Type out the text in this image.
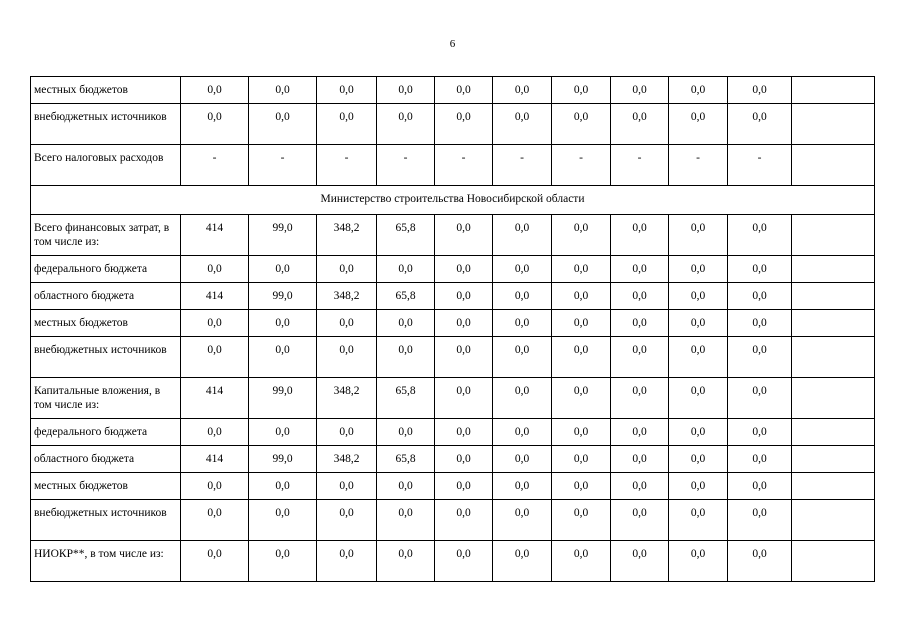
6
местных бюджетов	0,0	0,0	0,0	0,0	0,0	0,0	0,0	0,0	0,0	0,0	
внебюджетных источников	0,0	0,0	0,0	0,0	0,0	0,0	0,0	0,0	0,0	0,0	
Всего налоговых расходов	-	-	-	-	-	-	-	-	-	-	
Министерство строительства Новосибирской области											
Всего финансовых затрат, в том числе из:	414	99,0	348,2	65,8	0,0	0,0	0,0	0,0	0,0	0,0	
федерального бюджета	0,0	0,0	0,0	0,0	0,0	0,0	0,0	0,0	0,0	0,0	
областного бюджета	414	99,0	348,2	65,8	0,0	0,0	0,0	0,0	0,0	0,0	
местных бюджетов	0,0	0,0	0,0	0,0	0,0	0,0	0,0	0,0	0,0	0,0	
внебюджетных источников	0,0	0,0	0,0	0,0	0,0	0,0	0,0	0,0	0,0	0,0	
Капитальные вложения, в том числе из:	414	99,0	348,2	65,8	0,0	0,0	0,0	0,0	0,0	0,0	
федерального бюджета	0,0	0,0	0,0	0,0	0,0	0,0	0,0	0,0	0,0	0,0	
областного бюджета	414	99,0	348,2	65,8	0,0	0,0	0,0	0,0	0,0	0,0	
местных бюджетов	0,0	0,0	0,0	0,0	0,0	0,0	0,0	0,0	0,0	0,0	
внебюджетных источников	0,0	0,0	0,0	0,0	0,0	0,0	0,0	0,0	0,0	0,0	
НИОКР**, в том числе из:	0,0	0,0	0,0	0,0	0,0	0,0	0,0	0,0	0,0	0,0	
